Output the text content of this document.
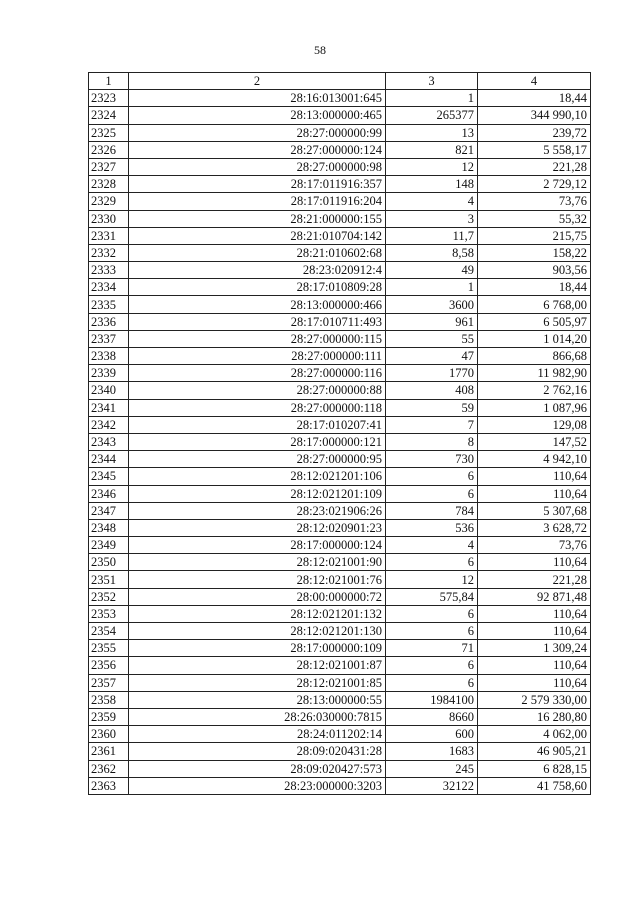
58
1	2	3	4
2323	28:16:013001:645	1	18,44
2324	28:13:000000:465	265377	344 990,10
2325	28:27:000000:99	13	239,72
2326	28:27:000000:124	821	5 558,17
2327	28:27:000000:98	12	221,28
2328	28:17:011916:357	148	2 729,12
2329	28:17:011916:204	4	73,76
2330	28:21:000000:155	3	55,32
2331	28:21:010704:142	11,7	215,75
2332	28:21:010602:68	8,58	158,22
2333	28:23:020912:4	49	903,56
2334	28:17:010809:28	1	18,44
2335	28:13:000000:466	3600	6 768,00
2336	28:17:010711:493	961	6 505,97
2337	28:27:000000:115	55	1 014,20
2338	28:27:000000:111	47	866,68
2339	28:27:000000:116	1770	11 982,90
2340	28:27:000000:88	408	2 762,16
2341	28:27:000000:118	59	1 087,96
2342	28:17:010207:41	7	129,08
2343	28:17:000000:121	8	147,52
2344	28:27:000000:95	730	4 942,10
2345	28:12:021201:106	6	110,64
2346	28:12:021201:109	6	110,64
2347	28:23:021906:26	784	5 307,68
2348	28:12:020901:23	536	3 628,72
2349	28:17:000000:124	4	73,76
2350	28:12:021001:90	6	110,64
2351	28:12:021001:76	12	221,28
2352	28:00:000000:72	575,84	92 871,48
2353	28:12:021201:132	6	110,64
2354	28:12:021201:130	6	110,64
2355	28:17:000000:109	71	1 309,24
2356	28:12:021001:87	6	110,64
2357	28:12:021001:85	6	110,64
2358	28:13:000000:55	1984100	2 579 330,00
2359	28:26:030000:7815	8660	16 280,80
2360	28:24:011202:14	600	4 062,00
2361	28:09:020431:28	1683	46 905,21
2362	28:09:020427:573	245	6 828,15
2363	28:23:000000:3203	32122	41 758,60
